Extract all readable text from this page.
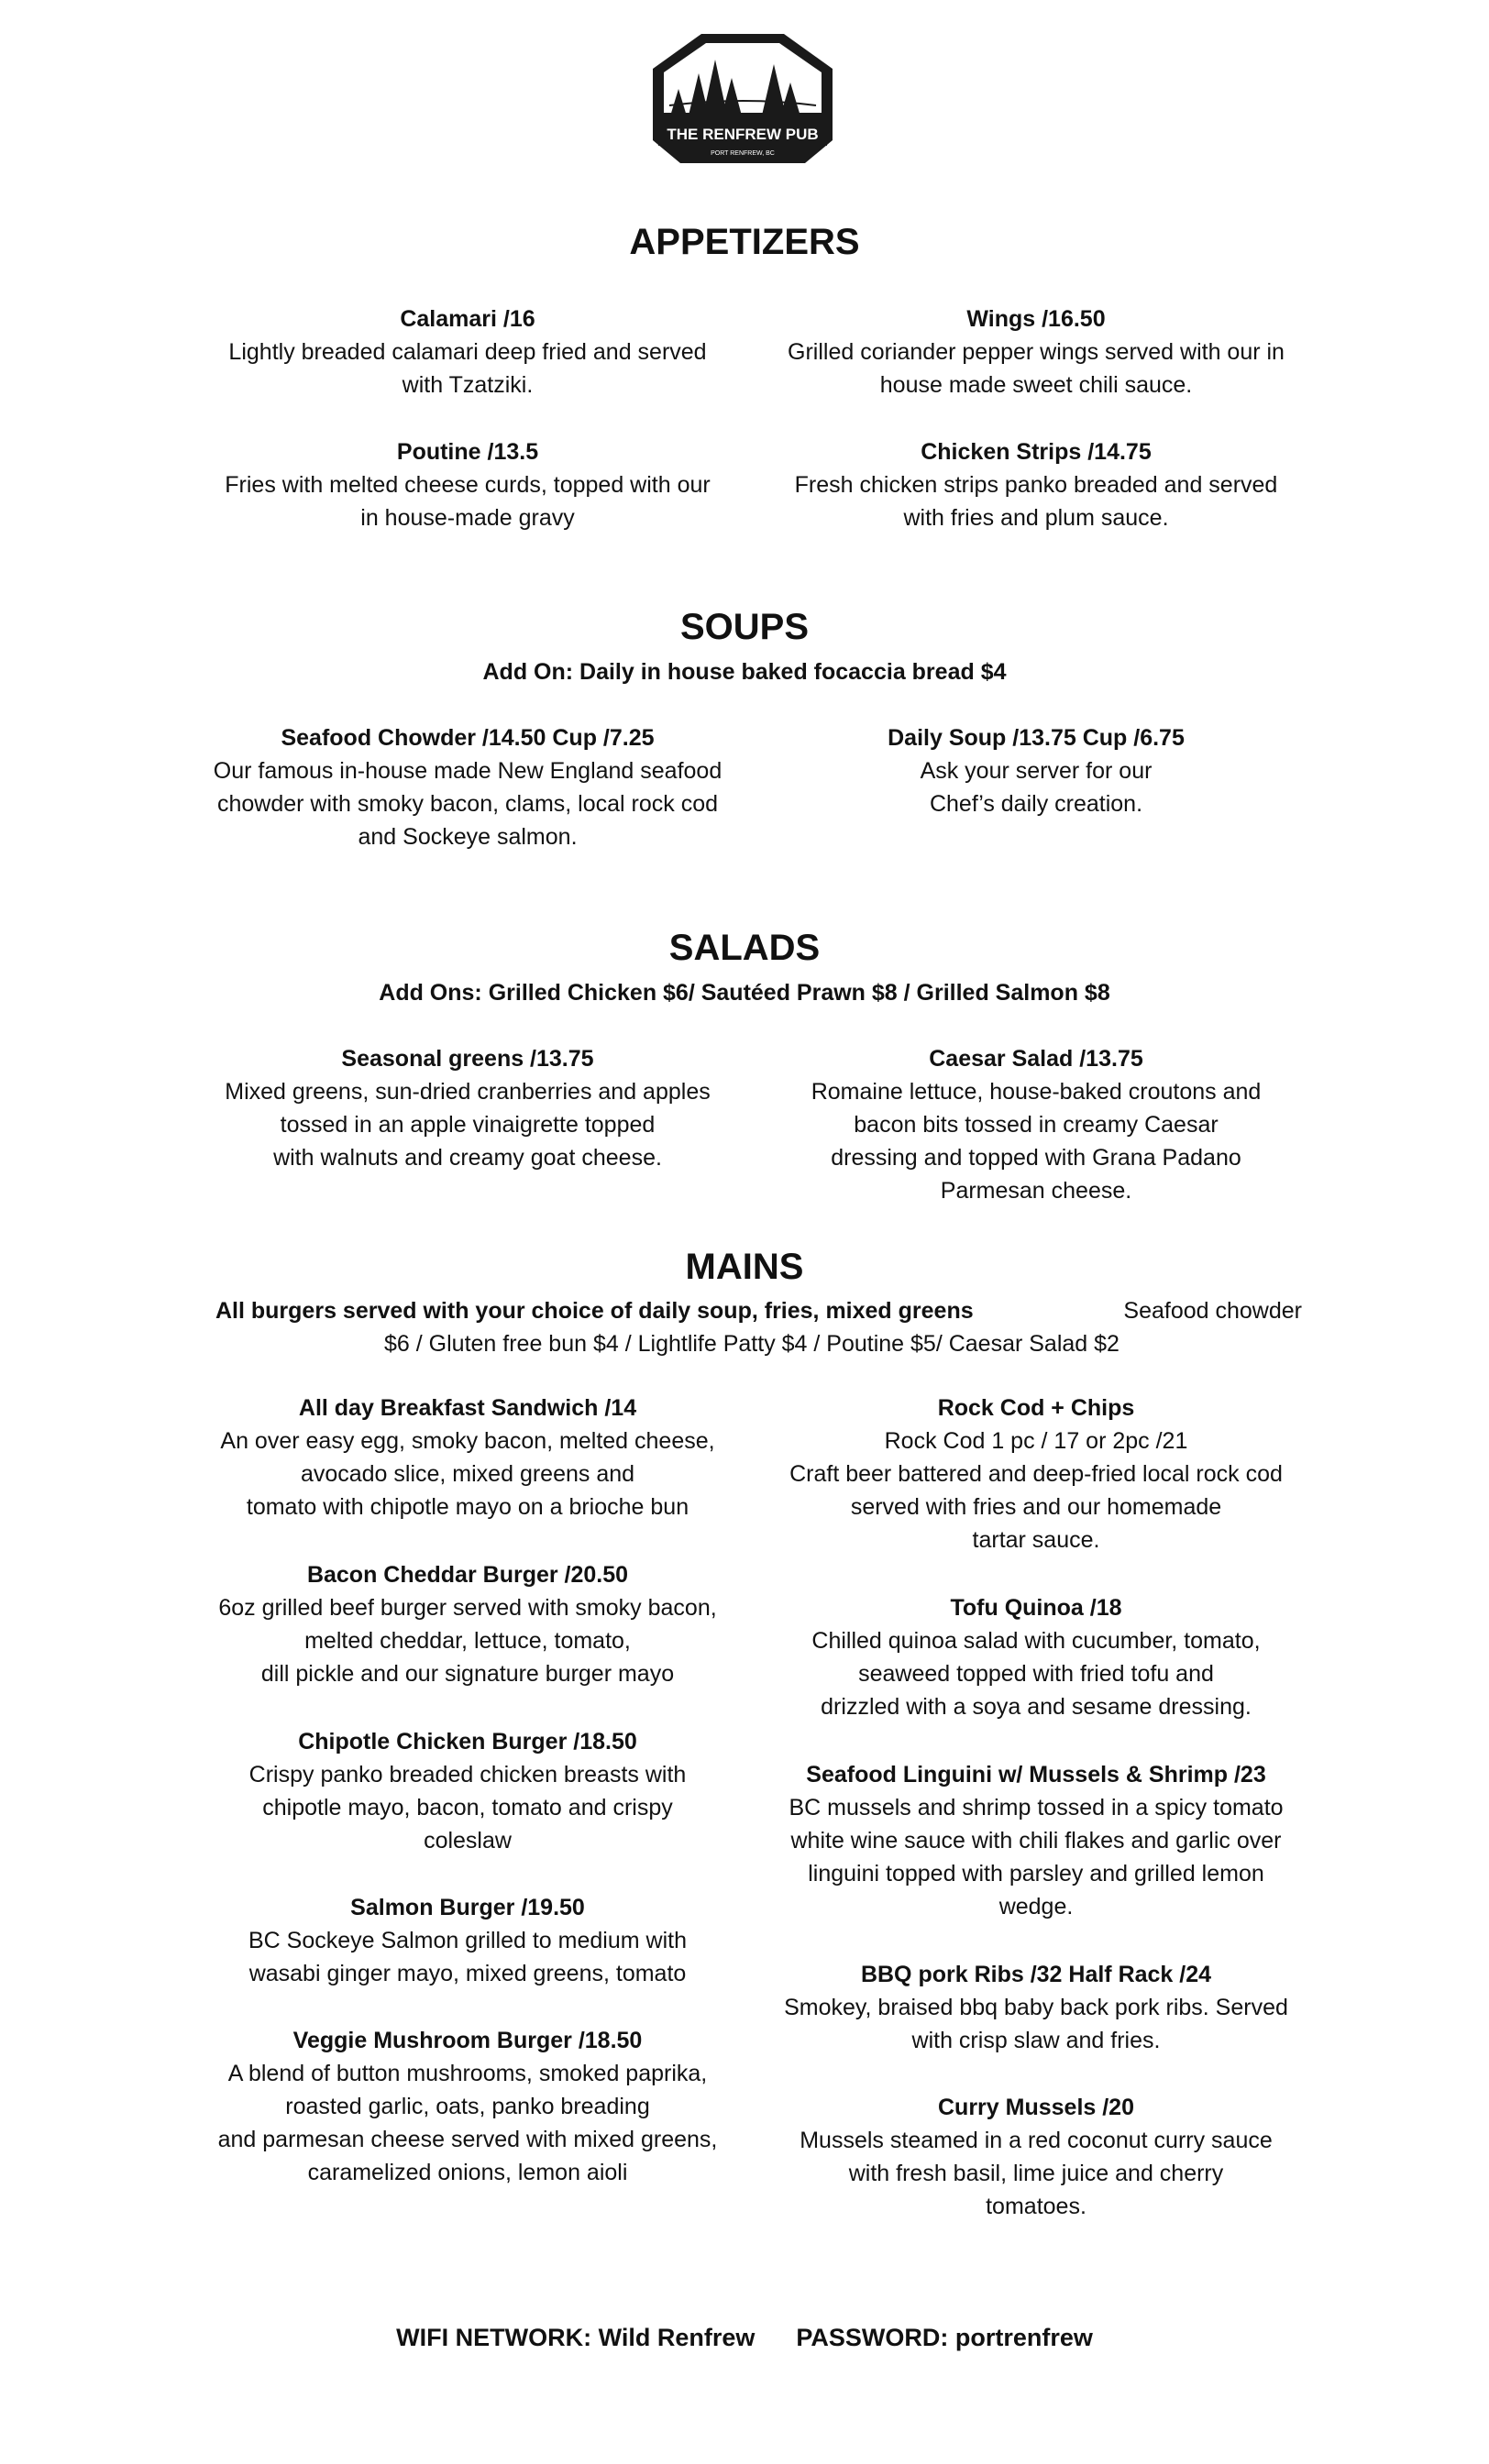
THE RENFREW PUB
PORT RENFREW, BC
APPETIZERS
Calamari /16
Lightly breaded calamari deep fried and served
with Tzatziki.
Wings /16.50
Grilled coriander pepper wings served with our in
house made sweet chili sauce.
Poutine /13.5
Fries with melted cheese curds, topped with our
in house-made gravy
Chicken Strips /14.75
Fresh chicken strips panko breaded and served
with fries and plum sauce.
SOUPS
Add On: Daily in house baked focaccia bread $4
Seafood Chowder /14.50 Cup /7.25
Our famous in-house made New England seafood
chowder with smoky bacon, clams, local rock cod
and Sockeye salmon.
Daily Soup /13.75 Cup /6.75
Ask your server for our
Chef’s daily creation.
SALADS
Add Ons: Grilled Chicken $6/ Sautéed Prawn $8 / Grilled Salmon $8
Seasonal greens /13.75
Mixed greens, sun-dried cranberries and apples
tossed in an apple vinaigrette topped
with walnuts and creamy goat cheese.
Caesar Salad /13.75
Romaine lettuce, house-baked croutons and
bacon bits tossed in creamy Caesar
dressing and topped with Grana Padano
Parmesan cheese.
MAINS
All burgers served with your choice of daily soup, fries, mixed greens	Seafood chowder
$6 / Gluten free bun $4 / Lightlife Patty $4 / Poutine $5/ Caesar Salad $2
All day Breakfast Sandwich /14
An over easy egg, smoky bacon, melted cheese,
avocado slice, mixed greens and
tomato with chipotle mayo on a brioche bun
Bacon Cheddar Burger /20.50
6oz grilled beef burger served with smoky bacon,
melted cheddar, lettuce, tomato,
dill pickle and our signature burger mayo
Chipotle Chicken Burger /18.50
Crispy panko breaded chicken breasts with
chipotle mayo, bacon, tomato and crispy
coleslaw
Salmon Burger /19.50
BC Sockeye Salmon grilled to medium with
wasabi ginger mayo, mixed greens, tomato
Veggie Mushroom Burger /18.50
A blend of button mushrooms, smoked paprika,
roasted garlic, oats, panko breading
and parmesan cheese served with mixed greens,
caramelized onions, lemon aioli
Rock Cod + Chips
Rock Cod 1 pc / 17 or 2pc /21
Craft beer battered and deep-fried local rock cod
served with fries and our homemade
tartar sauce.
Tofu Quinoa /18
Chilled quinoa salad with cucumber, tomato,
seaweed topped with fried tofu and
drizzled with a soya and sesame dressing.
Seafood Linguini w/ Mussels & Shrimp /23
BC mussels and shrimp tossed in a spicy tomato
white wine sauce with chili flakes and garlic over
linguini topped with parsley and grilled lemon
wedge.
BBQ pork Ribs /32 Half Rack /24
Smokey, braised bbq baby back pork ribs. Served
with crisp slaw and fries.
Curry Mussels /20
Mussels steamed in a red coconut curry sauce
with fresh basil, lime juice and cherry
tomatoes.
WIFI NETWORK: Wild Renfrew PASSWORD: portrenfrew
